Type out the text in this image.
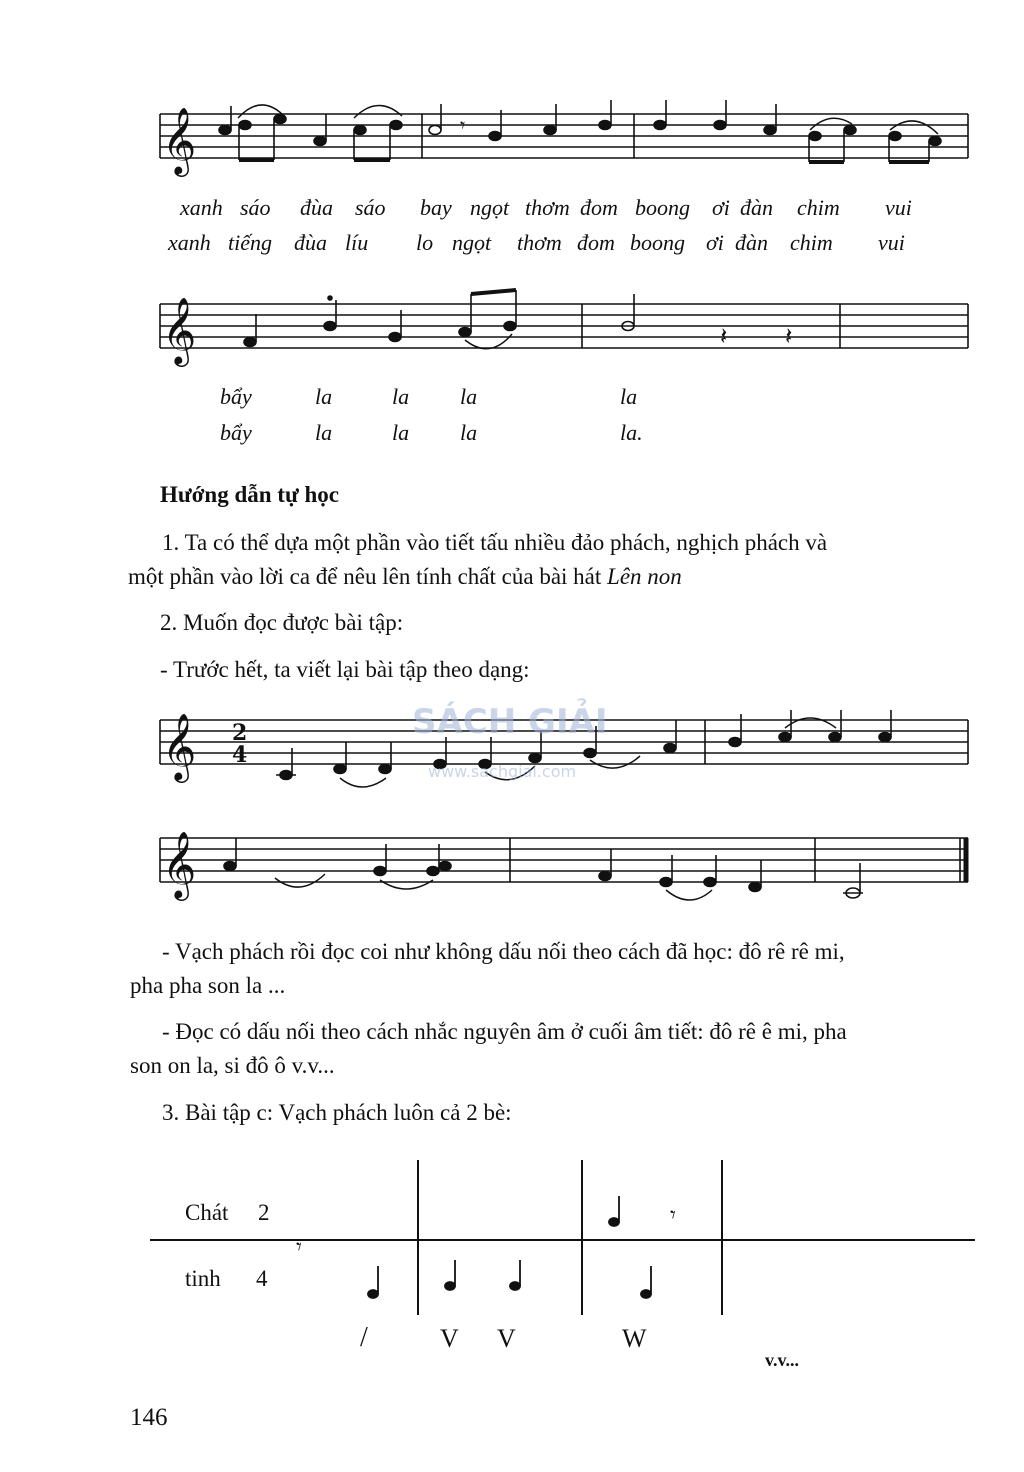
𝄞	𝄾
xanh sáo đùa sáo bay ngọt thơm đom boong ơi đàn chim vui
xanh tiếng đùa líu lo ngọt thơm đom boong ơi đàn chim vui
𝄞	𝄽 𝄽
bẩy	la	la la	la
bẩy	la	la la	la.
Hướng dẫn tự học
1. Ta có thể dựa một phần vào tiết tấu nhiều đảo phách, nghịch phách và
một phần vào lời ca để nêu lên tính chất của bài hát Lên non
2. Muốn đọc được bài tập:
- Trước hết, ta viết lại bài tập theo dạng:
𝄞 2
4
SÁCH GIẢI
www.sachgiai.com
𝄞
- Vạch phách rồi đọc coi như không dấu nối theo cách đã học: đô rê rê mi,
pha pha son la ...
- Đọc có dấu nối theo cách nhắc nguyên âm ở cuối âm tiết: đô rê ê mi, pha
son on la, si đô ô v.v...
3. Bài tập c: Vạch phách luôn cả 2 bè:
𝄾
𝄾
Chát 2
tinh 4
/	V V	W
v.v...
146
